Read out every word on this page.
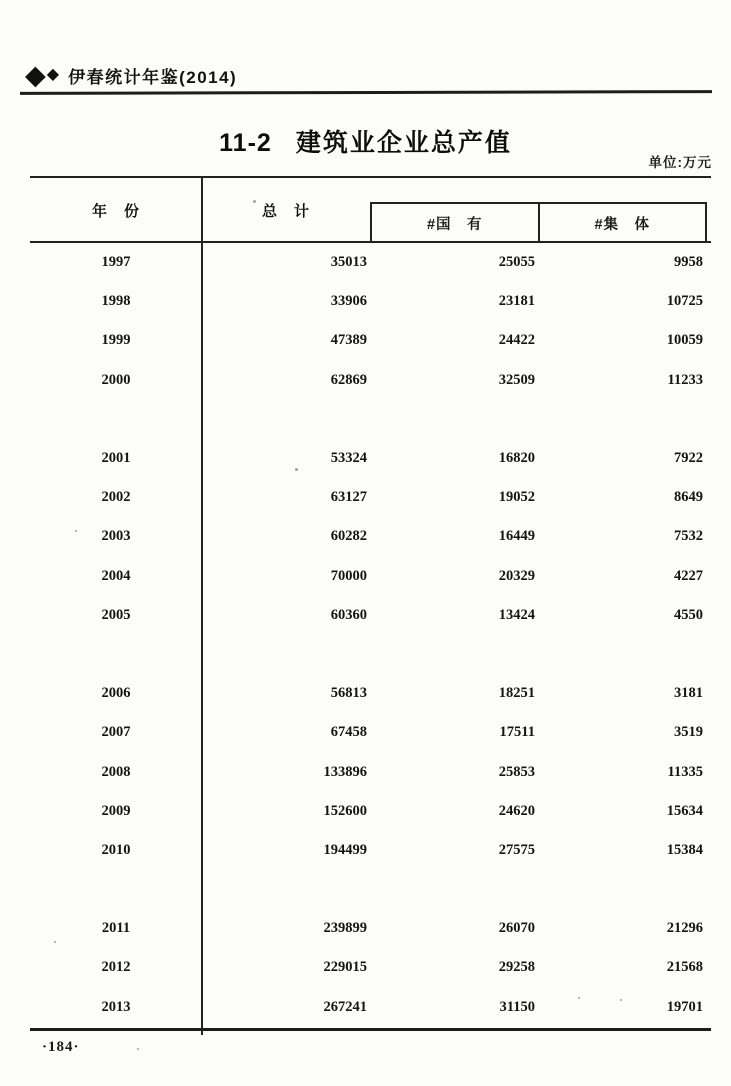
◆ ◆ 伊春统计年鉴(2014)
11-2 建筑业企业总产值
单位:万元
年　份	总　计
#国　有	#集　体
1997	35013	25055	9958
1998	33906	23181	10725
1999	47389	24422	10059
2000	62869	32509	11233
2001	53324	16820	7922
2002	63127	19052	8649
2003	60282	16449	7532
2004	70000	20329	4227
2005	60360	13424	4550
2006	56813	18251	3181
2007	67458	17511	3519
2008	133896	25853	11335
2009	152600	24620	15634
2010	194499	27575	15384
2011	239899	26070	21296
2012	229015	29258	21568
2013	267241	31150	19701
·184·
